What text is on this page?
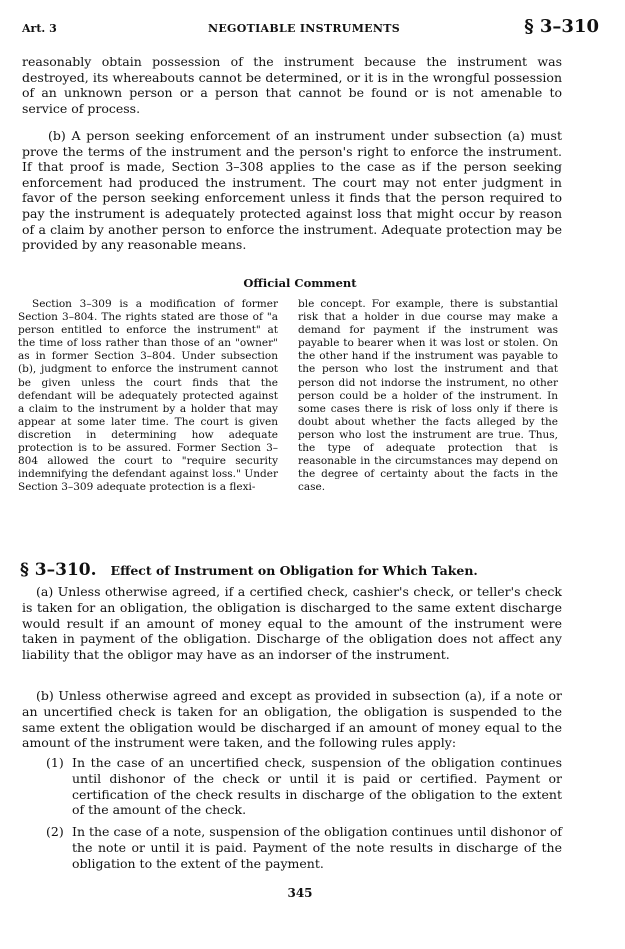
Art. 3	NEGOTIABLE INSTRUMENTS	§ 3–310
reasonably obtain possession of the instrument because the instrument was destroyed, its whereabouts cannot be determined, or it is in the wrongful possession of an unknown person or a person that cannot be found or is not amenable to service of process.
(b) A person seeking enforcement of an instrument under subsection (a) must prove the terms of the instrument and the person's right to enforce the instrument. If that proof is made, Section 3–308 applies to the case as if the person seeking enforcement had produced the instrument. The court may not enter judgment in favor of the person seeking enforcement unless it finds that the person required to pay the instrument is adequately protected against loss that might occur by reason of a claim by another person to enforce the instrument. Adequate protection may be provided by any reasonable means.
Official Comment
Section 3–309 is a modification of former Section 3–804. The rights stated are those of "a person entitled to enforce the instrument" at the time of loss rather than those of an "owner" as in former Section 3–804. Under subsection (b), judgment to enforce the instrument cannot be given unless the court finds that the defendant will be adequately protected against a claim to the instrument by a holder that may appear at some later time. The court is given discretion in determining how adequate protection is to be assured. Former Section 3–804 allowed the court to "require security indemnifying the defendant against loss." Under Section 3–309 adequate protection is a flexi-
ble concept. For example, there is substantial risk that a holder in due course may make a demand for payment if the instrument was payable to bearer when it was lost or stolen. On the other hand if the instrument was payable to the person who lost the instrument and that person did not indorse the instrument, no other person could be a holder of the instrument. In some cases there is risk of loss only if there is doubt about whether the facts alleged by the person who lost the instrument are true. Thus, the type of adequate protection that is reasonable in the circumstances may depend on the degree of certainty about the facts in the case.
§ 3–310. Effect of Instrument on Obligation for Which Taken.
(a) Unless otherwise agreed, if a certified check, cashier's check, or teller's check is taken for an obligation, the obligation is discharged to the same extent discharge would result if an amount of money equal to the amount of the instrument were taken in payment of the obligation. Discharge of the obligation does not affect any liability that the obligor may have as an indorser of the instrument.
(b) Unless otherwise agreed and except as provided in subsection (a), if a note or an uncertified check is taken for an obligation, the obligation is suspended to the same extent the obligation would be discharged if an amount of money equal to the amount of the instrument were taken, and the following rules apply:
(1) In the case of an uncertified check, suspension of the obligation continues until dishonor of the check or until it is paid or certified. Payment or certification of the check results in discharge of the obligation to the extent of the amount of the check.
(2) In the case of a note, suspension of the obligation continues until dishonor of the note or until it is paid. Payment of the note results in discharge of the obligation to the extent of the payment.
345
